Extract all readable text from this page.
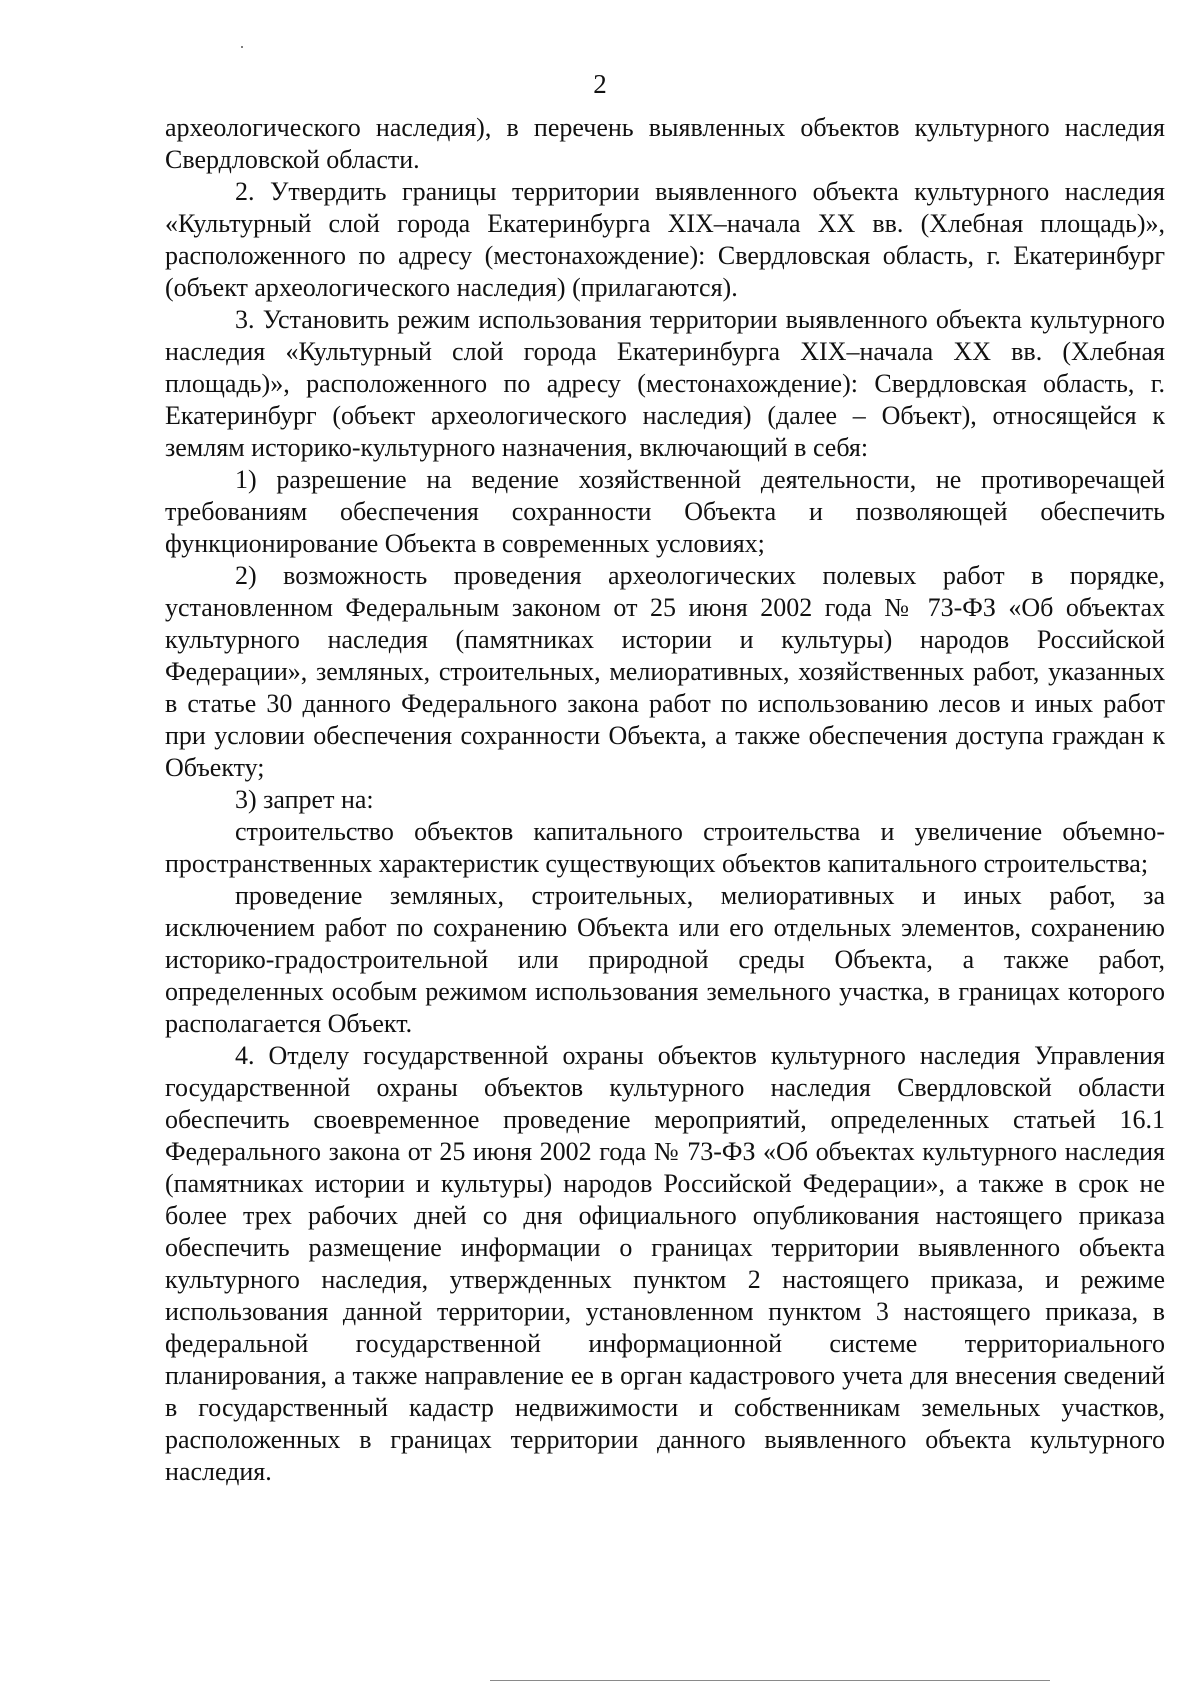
2

археологического наследия), в перечень выявленных объектов культурного наследия Свердловской области.

2. Утвердить границы территории выявленного объекта культурного наследия «Культурный слой города Екатеринбурга XIX–начала XX вв. (Хлебная площадь)», расположенного по адресу (местонахождение): Свердловская область, г. Екатеринбург (объект археологического наследия) (прилагаются).

3. Установить режим использования территории выявленного объекта культурного наследия «Культурный слой города Екатеринбурга XIX–начала XX вв. (Хлебная площадь)», расположенного по адресу (местонахождение): Свердловская область, г. Екатеринбург (объект археологического наследия) (далее – Объект), относящейся к землям историко-культурного назначения, включающий в себя:

1) разрешение на ведение хозяйственной деятельности, не противоречащей требованиям обеспечения сохранности Объекта и позволяющей обеспечить функционирование Объекта в современных условиях;

2) возможность проведения археологических полевых работ в порядке, установленном Федеральным законом от 25 июня 2002 года № 73-ФЗ «Об объектах культурного наследия (памятниках истории и культуры) народов Российской Федерации», земляных, строительных, мелиоративных, хозяйственных работ, указанных в статье 30 данного Федерального закона работ по использованию лесов и иных работ при условии обеспечения сохранности Объекта, а также обеспечения доступа граждан к Объекту;

3) запрет на:

строительство объектов капитального строительства и увеличение объемно-пространственных характеристик существующих объектов капитального строительства;

проведение земляных, строительных, мелиоративных и иных работ, за исключением работ по сохранению Объекта или его отдельных элементов, сохранению историко-градостроительной или природной среды Объекта, а также работ, определенных особым режимом использования земельного участка, в границах которого располагается Объект.

4. Отделу государственной охраны объектов культурного наследия Управления государственной охраны объектов культурного наследия Свердловской области обеспечить своевременное проведение мероприятий, определенных статьей 16.1 Федерального закона от 25 июня 2002 года № 73-ФЗ «Об объектах культурного наследия (памятниках истории и культуры) народов Российской Федерации», а также в срок не более трех рабочих дней со дня официального опубликования настоящего приказа обеспечить размещение информации о границах территории выявленного объекта культурного наследия, утвержденных пунктом 2 настоящего приказа, и режиме использования данной территории, установленном пунктом 3 настоящего приказа, в федеральной государственной информационной системе территориального планирования, а также направление ее в орган кадастрового учета для внесения сведений в государственный кадастр недвижимости и собственникам земельных участков, расположенных в границах территории данного выявленного объекта культурного наследия.
